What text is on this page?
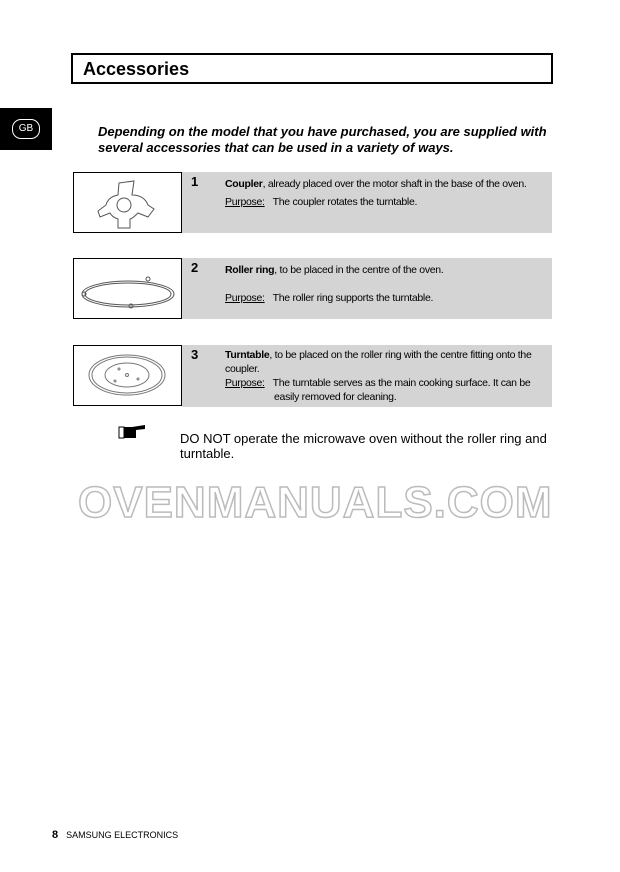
Accessories
GB	Depending on the model that you have purchased, you are supplied with several accessories that can be used in a variety of ways.
1	Coupler, already placed over the motor shaft in the base of the oven.
Purpose: The coupler rotates the turntable.
2	Roller ring, to be placed in the centre of the oven.
Purpose: The roller ring supports the turntable.
3	Turntable, to be placed on the roller ring with the centre fitting onto the coupler.
Purpose: The turntable serves as the main cooking surface. It can be easily removed for cleaning.
DO NOT operate the microwave oven without the roller ring and turntable.
OVENMANUALS.COM
8 SAMSUNG ELECTRONICS
